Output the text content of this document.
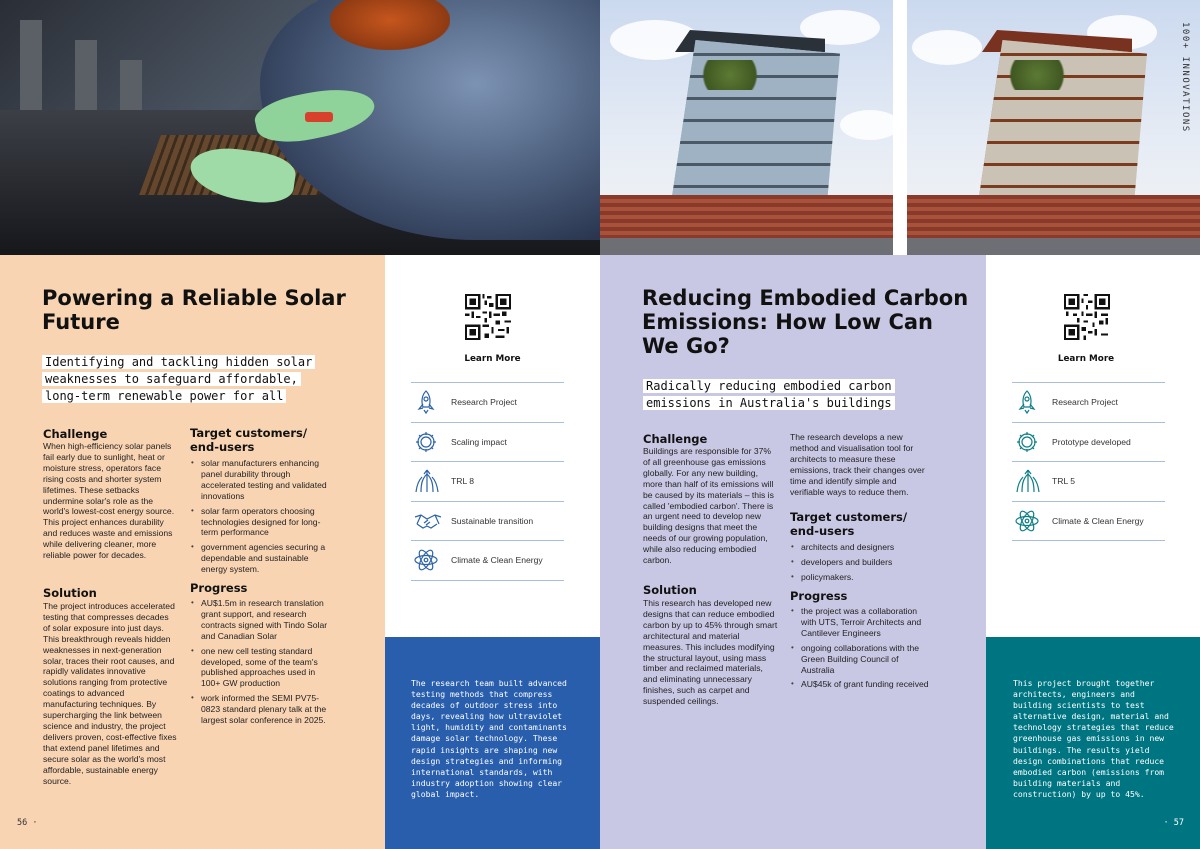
100+ INNOVATIONS
Powering a Reliable Solar Future
Identifying and tackling hidden solar
weaknesses to safeguard affordable,
long-term renewable power for all
Challenge
When high-efficiency solar panels fail early due to sunlight, heat or moisture stress, operators face rising costs and shorter system lifetimes. These setbacks undermine solar's role as the world's lowest-cost energy source. This project enhances durability and reduces waste and emissions while delivering cleaner, more reliable power for decades.
Solution
The project introduces accelerated testing that compresses decades of solar exposure into just days. This breakthrough reveals hidden weaknesses in next-generation solar, traces their root causes, and rapidly validates innovative solutions ranging from protective coatings to advanced manufacturing techniques. By supercharging the link between science and industry, the project delivers proven, cost-effective fixes that extend panel lifetimes and secure solar as the world's most affordable, sustainable energy source.
Target customers/ end-users
• solar manufacturers enhancing panel durability through accelerated testing and validated innovations
• solar farm operators choosing technologies designed for long-term performance
• government agencies securing a dependable and sustainable energy system.
Progress
• AU$1.5m in research translation grant support, and research contracts signed with Tindo Solar and Canadian Solar
• one new cell testing standard developed, some of the team's published approaches used in 100+ GW production
• work informed the SEMI PV75-0823 standard plenary talk at the largest solar conference in 2025.
56 ·
Learn More
Research Project
Scaling impact
TRL 8
Sustainable transition
Climate & Clean Energy
The research team built advanced testing methods that compress decades of outdoor stress into days, revealing how ultraviolet light, humidity and contaminants damage solar technology. These rapid insights are shaping new design strategies and informing international standards, with industry adoption showing clear global impact.
Reducing Embodied Carbon Emissions: How Low Can We Go?
Radically reducing embodied carbon
emissions in Australia's buildings
Challenge
Buildings are responsible for 37% of all greenhouse gas emissions globally. For any new building, more than half of its emissions will be caused by its materials – this is called 'embodied carbon'. There is an urgent need to develop new building designs that meet the needs of our growing population, while also reducing embodied carbon.
Solution
This research has developed new designs that can reduce embodied carbon by up to 45% through smart architectural and material measures. This includes modifying the structural layout, using mass timber and reclaimed materials, and eliminating unnecessary finishes, such as carpet and suspended ceilings.
The research develops a new method and visualisation tool for architects to measure these emissions, track their changes over time and identify simple and verifiable ways to reduce them.
Target customers/ end-users
• architects and designers
• developers and builders
• policymakers.
Progress
• the project was a collaboration with UTS, Terroir Architects and Cantilever Engineers
• ongoing collaborations with the Green Building Council of Australia
• AU$45k of grant funding received
Learn More
Research Project
Prototype developed
TRL 5
Climate & Clean Energy
This project brought together architects, engineers and building scientists to test alternative design, material and technology strategies that reduce greenhouse gas emissions in new buildings. The results yield design combinations that reduce embodied carbon (emissions from building materials and construction) by up to 45%.
· 57
